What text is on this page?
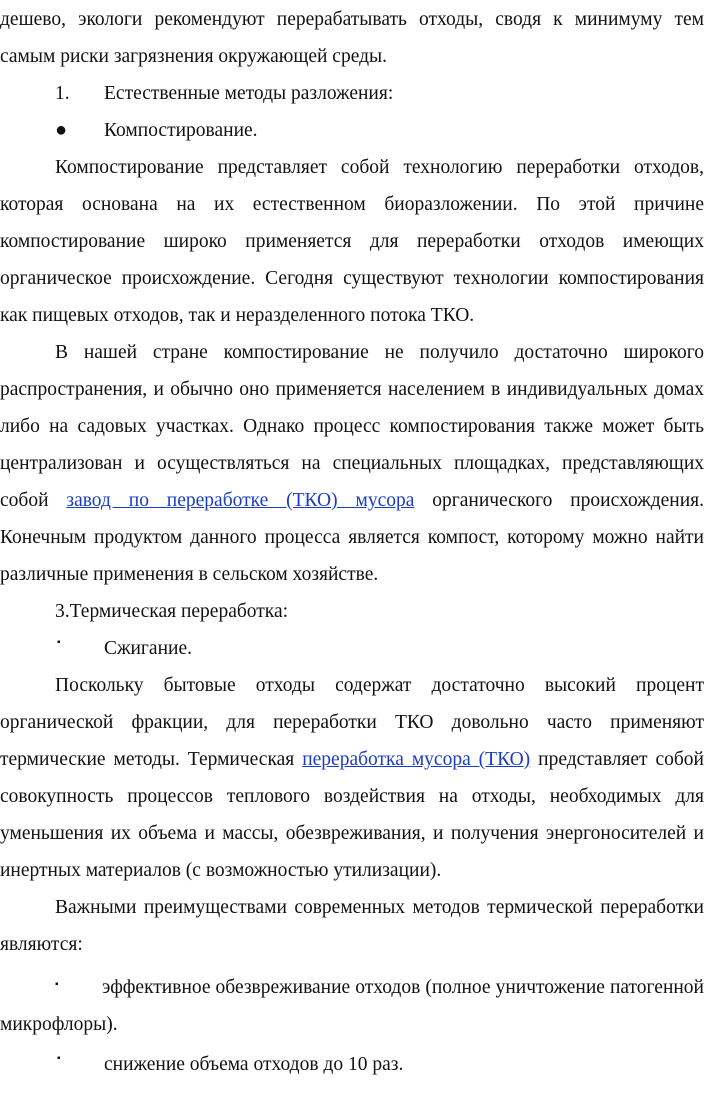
дешево, экологи рекомендуют перерабатывать отходы, сводя к минимуму тем самым риски загрязнения окружающей среды.

1. Естественные методы разложения:

● Компостирование.

Компостирование представляет собой технологию переработки отходов, которая основана на их естественном биоразложении. По этой причине компостирование широко применяется для переработки отходов имеющих органическое происхождение. Сегодня существуют технологии компостирования как пищевых отходов, так и неразделенного потока ТКО.

В нашей стране компостирование не получило достаточно широкого распространения, и обычно оно применяется населением в индивидуальных домах либо на садовых участках. Однако процесс компостирования также может быть централизован и осуществляться на специальных площадках, представляющих собой завод по переработке (ТКО) мусора органического происхождения. Конечным продуктом данного процесса является компост, которому можно найти различные применения в сельском хозяйстве.

3.Термическая переработка:

▪ Сжигание.

Поскольку бытовые отходы содержат достаточно высокий процент органической фракции, для переработки ТКО довольно часто применяют термические методы. Термическая переработка мусора (ТКО) представляет собой совокупность процессов теплового воздействия на отходы, необходимых для уменьшения их объема и массы, обезвреживания, и получения энергоносителей и инертных материалов (с возможностью утилизации).

Важными преимуществами современных методов термической переработки являются:

▪ эффективное обезвреживание отходов (полное уничтожение патогенной микрофлоры).

▪ снижение объема отходов до 10 раз.
